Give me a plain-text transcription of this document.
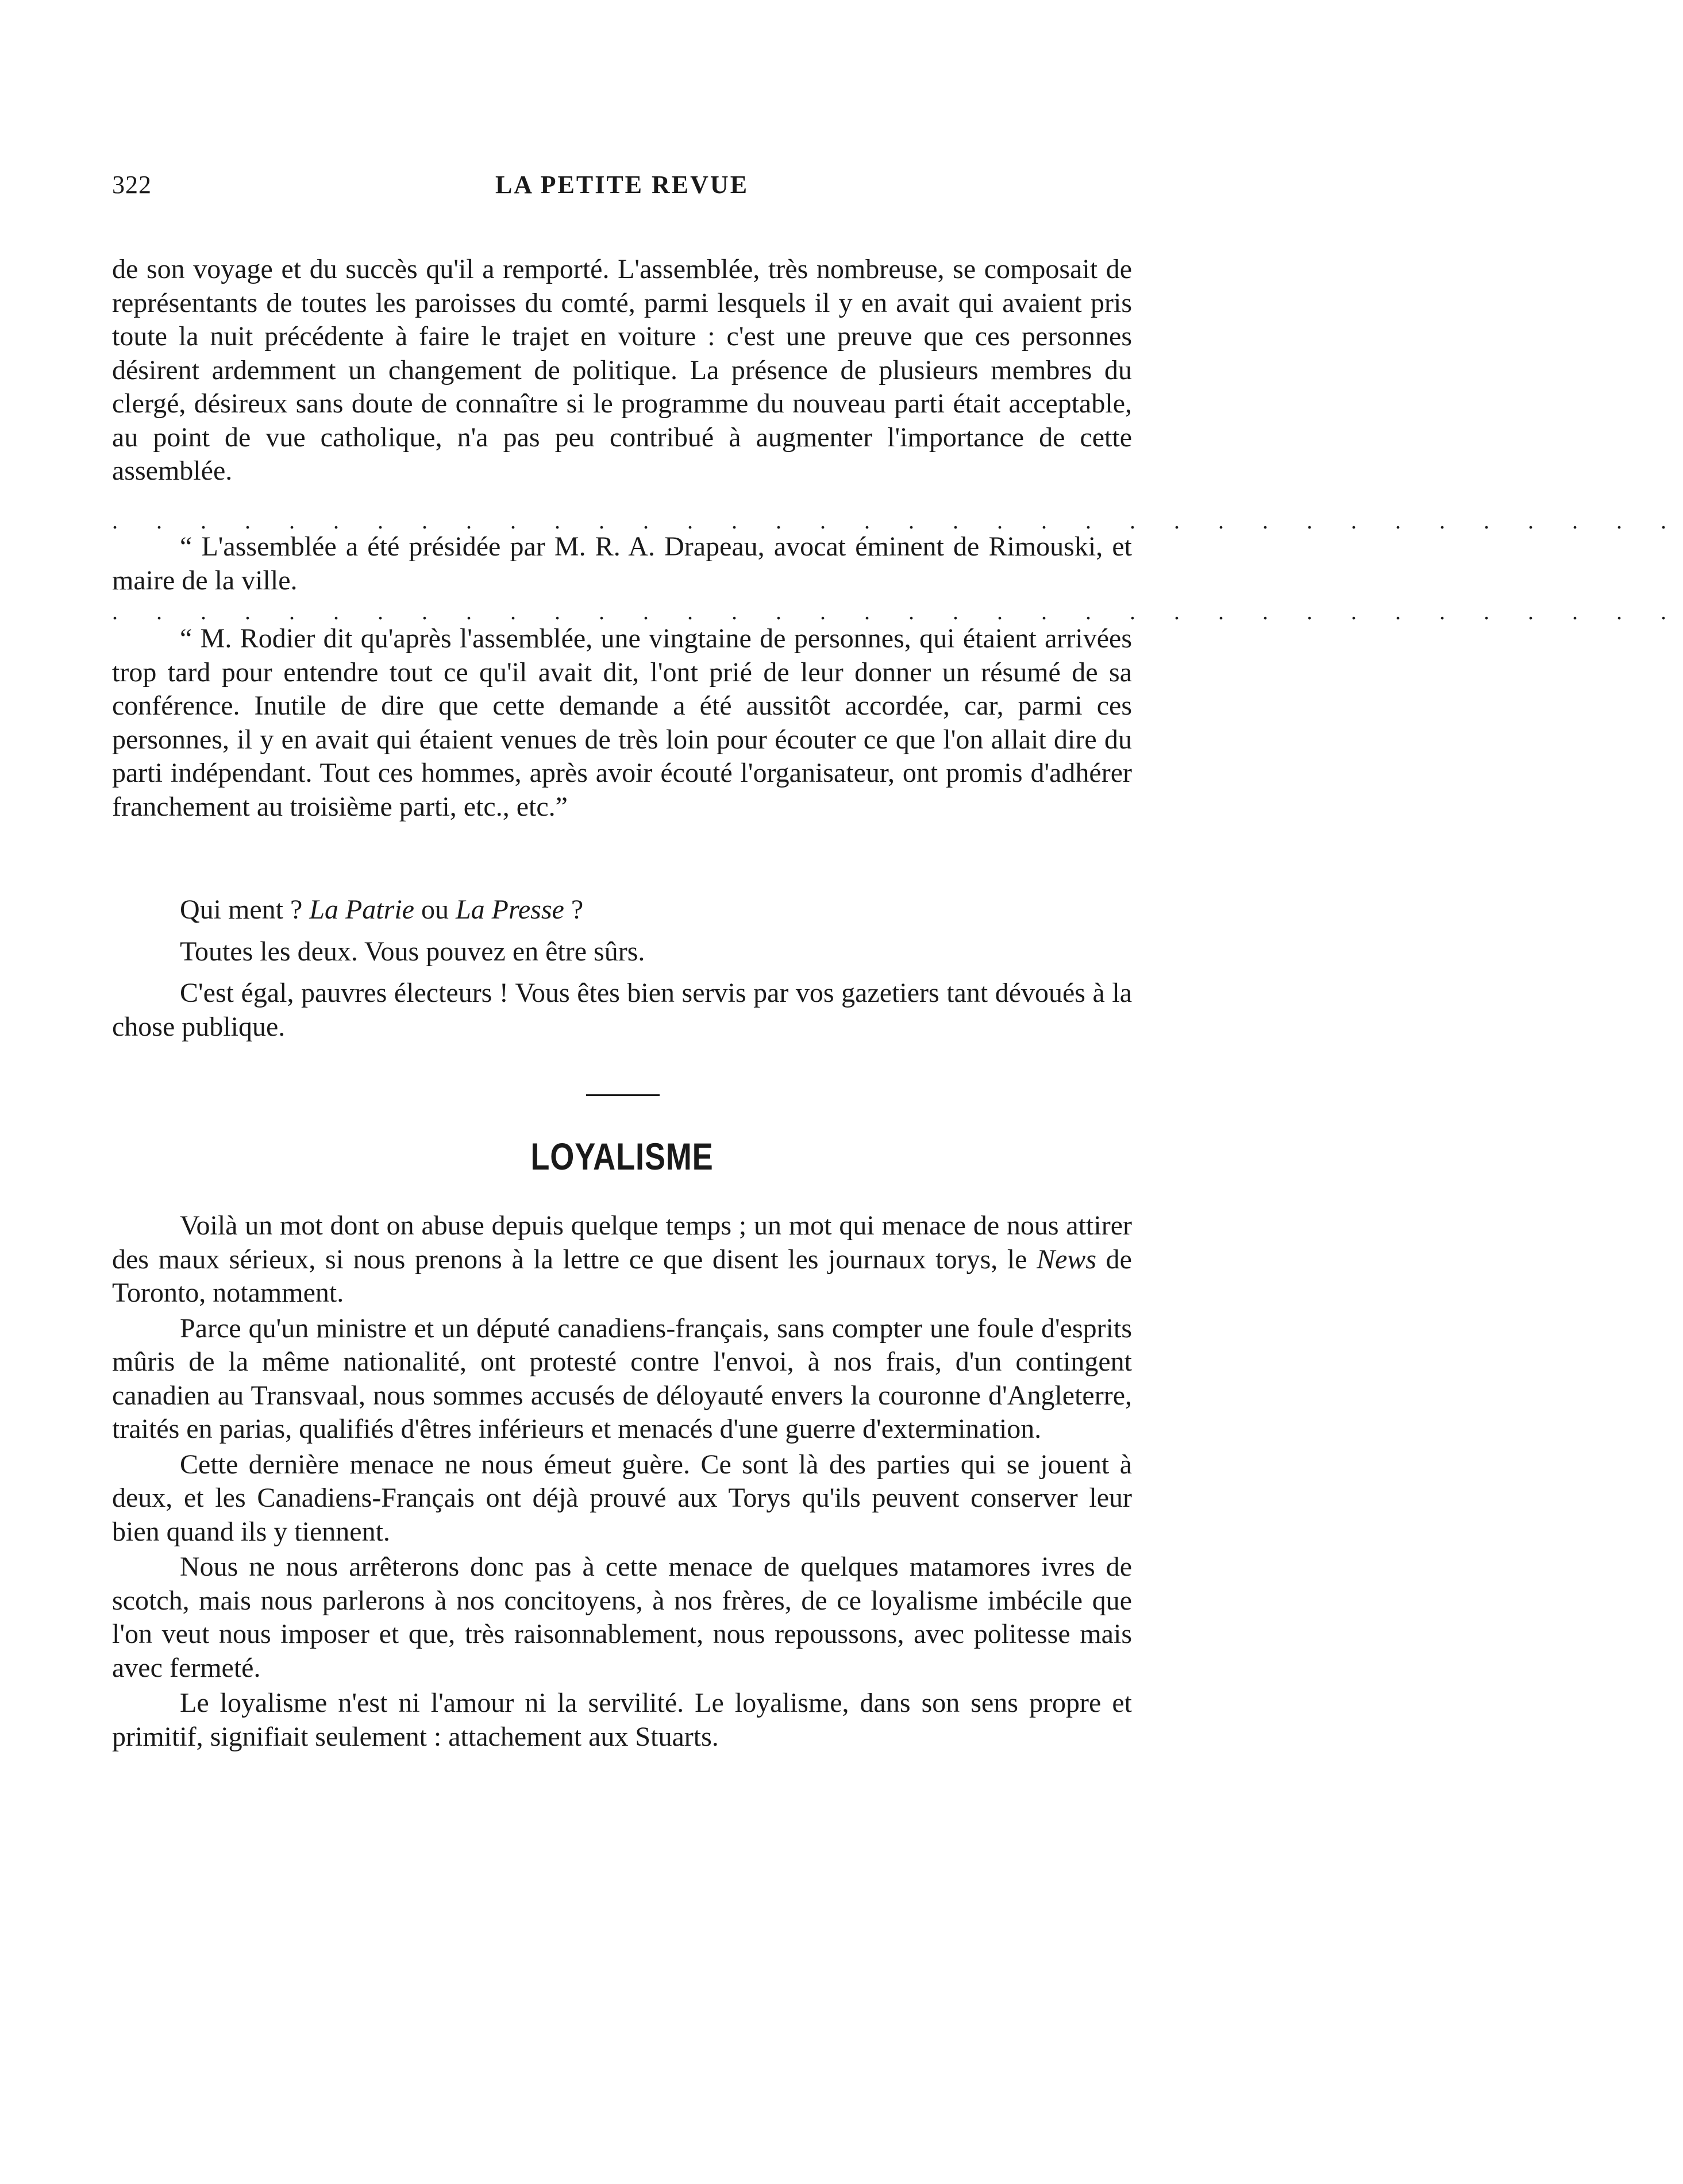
322	LA PETITE REVUE

de son voyage et du succès qu'il a remporté. L'assemblée, très nombreuse, se composait de représentants de toutes les paroisses du comté, parmi lesquels il y en avait qui avaient pris toute la nuit précédente à faire le trajet en voiture : c'est une preuve que ces personnes désirent ardemment un changement de politique. La présence de plusieurs membres du clergé, désireux sans doute de connaître si le programme du nouveau parti était acceptable, au point de vue catholique, n'a pas peu contribué à augmenter l'importance de cette assemblée.

. . . . . . . . . . . . . . . . . . . . . . . . . . . . . . . . . . . .

“ L'assemblée a été présidée par M. R. A. Drapeau, avocat éminent de Rimouski, et maire de la ville.

. . . . . . . . . . . . . . . . . . . . . . . . . . . . . . . . . . . .

“ M. Rodier dit qu'après l'assemblée, une vingtaine de personnes, qui étaient arrivées trop tard pour entendre tout ce qu'il avait dit, l'ont prié de leur donner un résumé de sa conférence. Inutile de dire que cette demande a été aussitôt accordée, car, parmi ces personnes, il y en avait qui étaient venues de très loin pour écouter ce que l'on allait dire du parti indépendant. Tout ces hommes, après avoir écouté l'organisateur, ont promis d'adhérer franchement au troisième parti, etc., etc.”

Qui ment ? La Patrie ou La Presse ?

Toutes les deux. Vous pouvez en être sûrs.

C'est égal, pauvres électeurs ! Vous êtes bien servis par vos gazetiers tant dévoués à la chose publique.

LOYALISME

Voilà un mot dont on abuse depuis quelque temps ; un mot qui menace de nous attirer des maux sérieux, si nous prenons à la lettre ce que disent les journaux torys, le News de Toronto, notamment.

Parce qu'un ministre et un député canadiens-français, sans compter une foule d'esprits mûris de la même nationalité, ont protesté contre l'envoi, à nos frais, d'un contingent canadien au Transvaal, nous sommes accusés de déloyauté envers la couronne d'Angleterre, traités en parias, qualifiés d'êtres inférieurs et menacés d'une guerre d'extermination.

Cette dernière menace ne nous émeut guère. Ce sont là des parties qui se jouent à deux, et les Canadiens-Français ont déjà prouvé aux Torys qu'ils peuvent conserver leur bien quand ils y tiennent.

Nous ne nous arrêterons donc pas à cette menace de quelques matamores ivres de scotch, mais nous parlerons à nos concitoyens, à nos frères, de ce loyalisme imbécile que l'on veut nous imposer et que, très raisonnablement, nous repoussons, avec politesse mais avec fermeté.

Le loyalisme n'est ni l'amour ni la servilité. Le loyalisme, dans son sens propre et primitif, signifiait seulement : attachement aux Stuarts.
